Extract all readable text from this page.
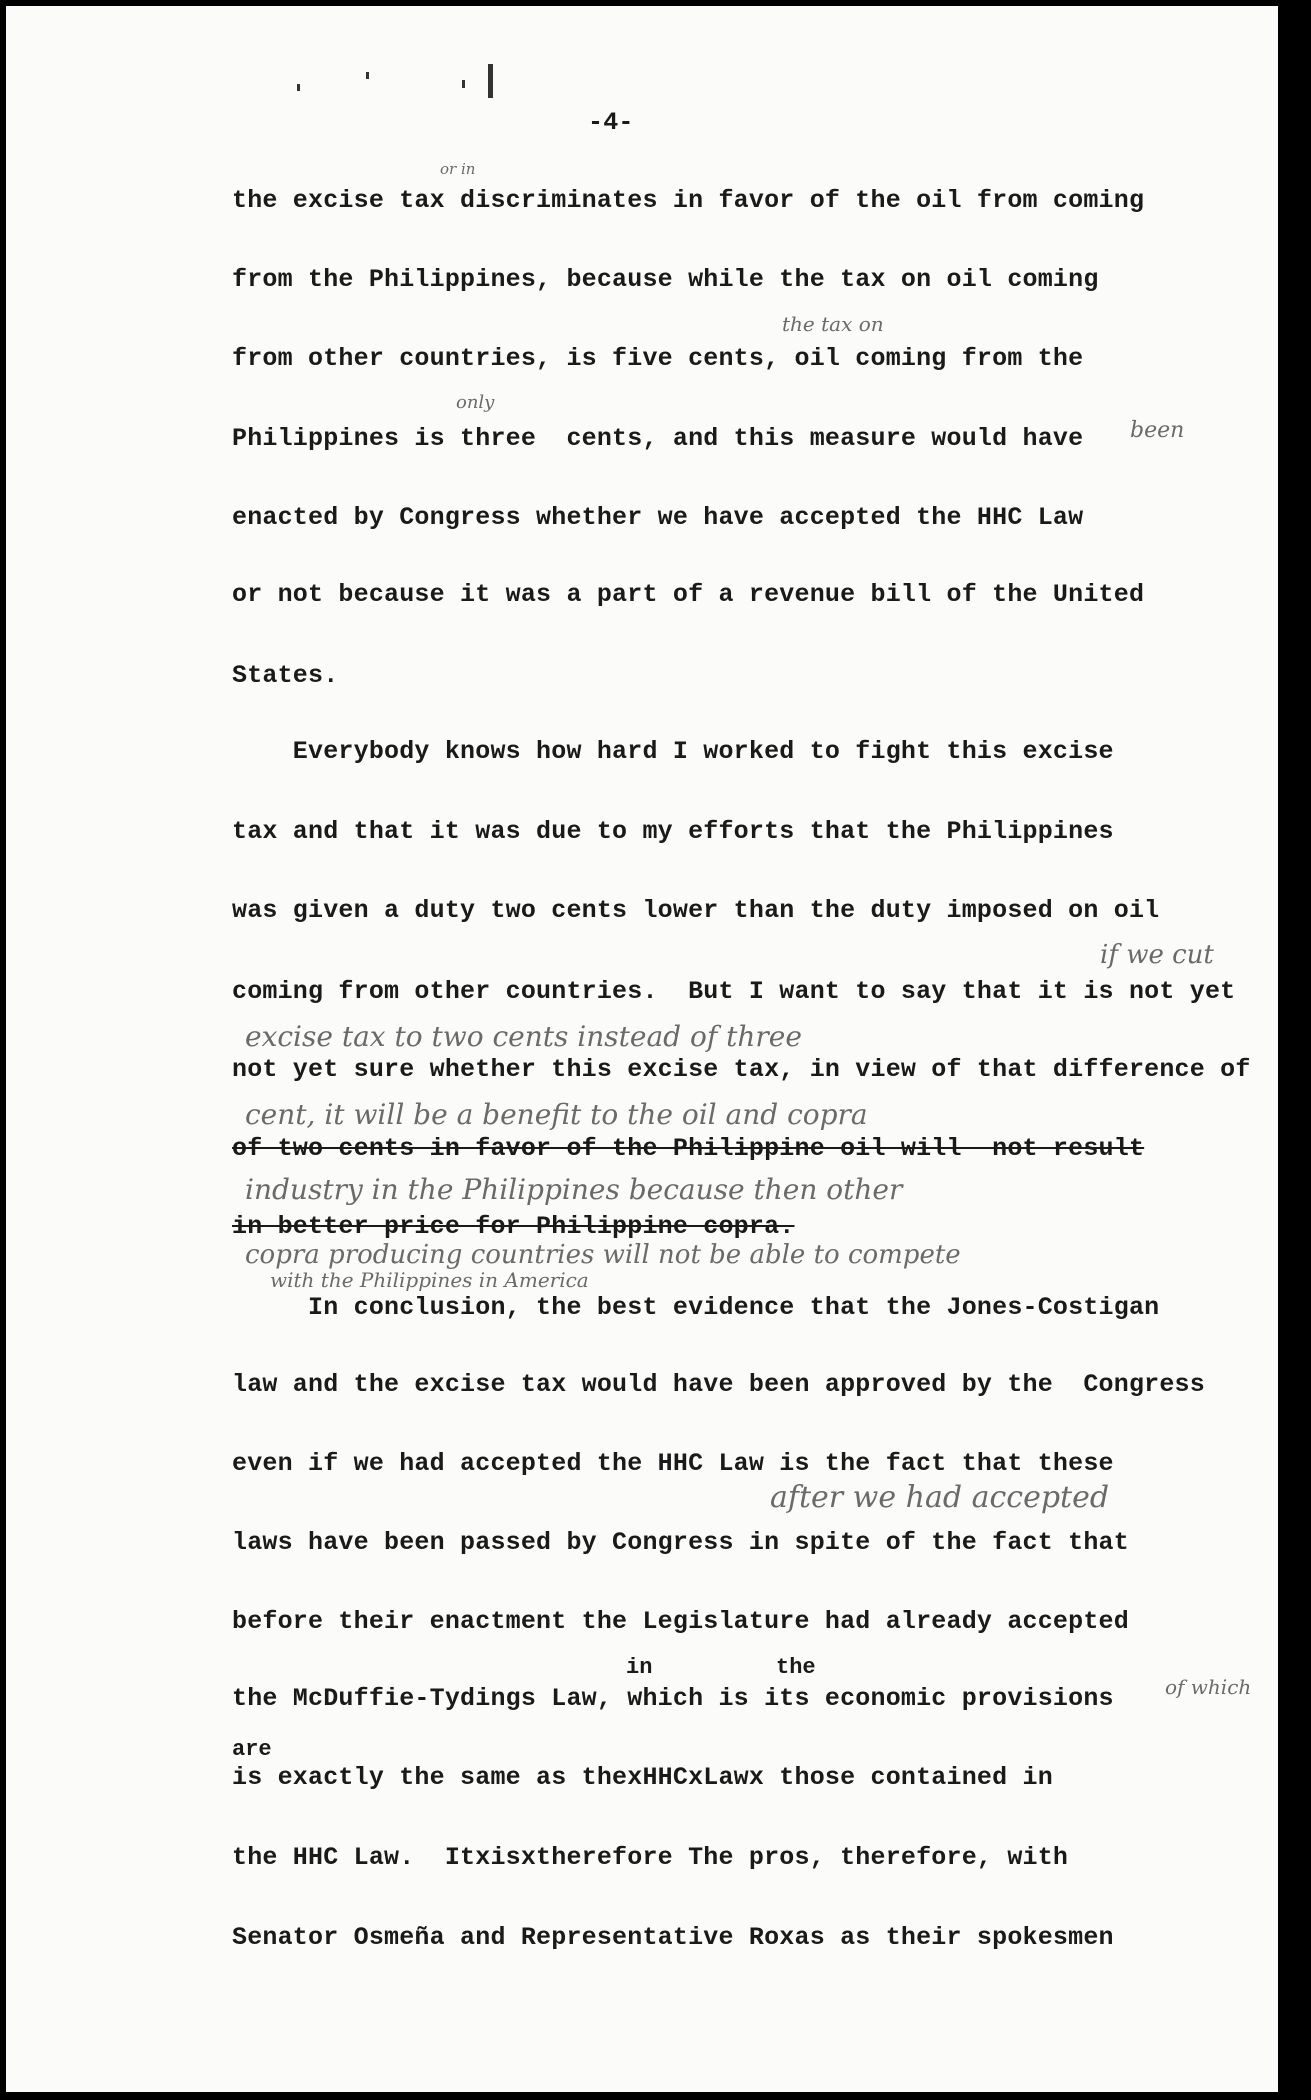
-4-
the excise tax discriminates in favor of the oil from coming
from the Philippines, because while the tax on oil coming
from other countries, is five cents, oil coming from the
Philippines is three  cents, and this measure would have
enacted by Congress whether we have accepted the HHC Law
or not because it was a part of a revenue bill of the United
States.
Everybody knows how hard I worked to fight this excise
tax and that it was due to my efforts that the Philippines
was given a duty two cents lower than the duty imposed on oil
coming from other countries.  But I want to say that it is not yet
not yet sure whether this excise tax, in view of that difference of
of two cents in favor of the Philippine oil will  not result
in better price for Philippine copra.
In conclusion, the best evidence that the Jones-Costigan
law and the excise tax would have been approved by the  Congress
even if we had accepted the HHC Law is the fact that these
laws have been passed by Congress in spite of the fact that
before their enactment the Legislature had already accepted
the McDuffie-Tydings Law, which is its economic provisions
is exactly the same as thexHHCxLawx those contained in
the HHC Law.  Itxisxtherefore The pros, therefore, with
Senator Osmeña and Representative Roxas as their spokesmen
in	the
are
or in
the tax on
only
been
if we cut
excise tax to two cents instead of three
cent, it will be a benefit to the oil and copra
industry in the Philippines because then other
copra producing countries will not be able to compete
with the Philippines in America
after we had accepted
of which
